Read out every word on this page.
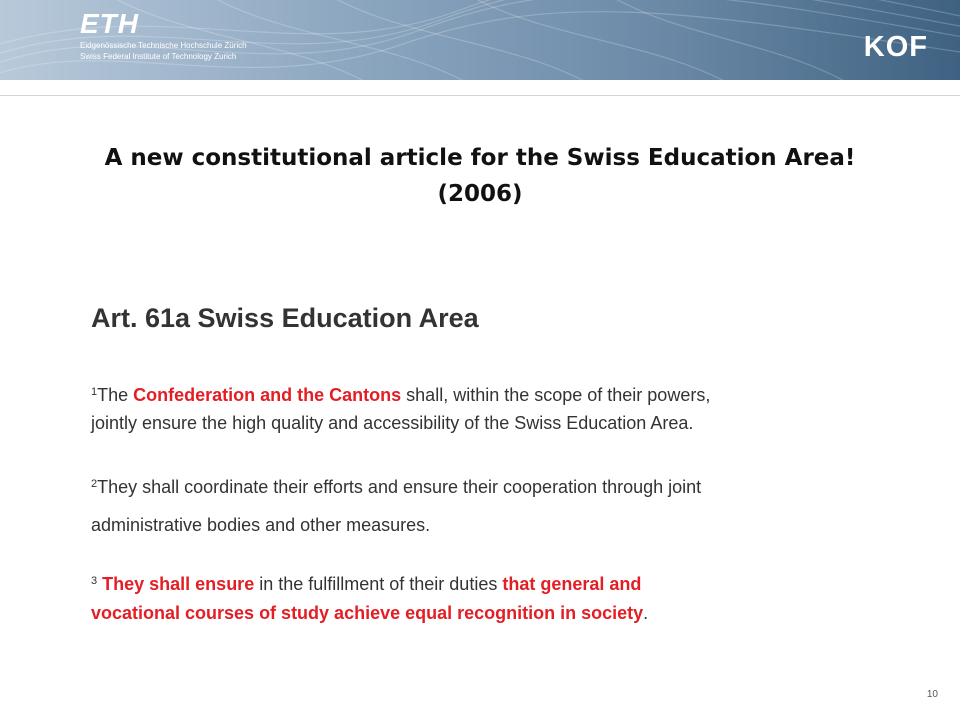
ETH
Eidgenössische Technische Hochschule Zürich
Swiss Federal Institute of Technology Zurich	KOF
A new constitutional article for the Swiss Education Area!
(2006)
Art. 61a Swiss Education Area
$^1$The Confederation and the Cantons shall, within the scope of their powers,
jointly ensure the high quality and accessibility of the Swiss Education Area.
$^2$They shall coordinate their efforts and ensure their cooperation through joint
administrative bodies and other measures.
$^3$ They shall ensure in the fulfillment of their duties that general and
vocational courses of study achieve equal recognition in society.
10
